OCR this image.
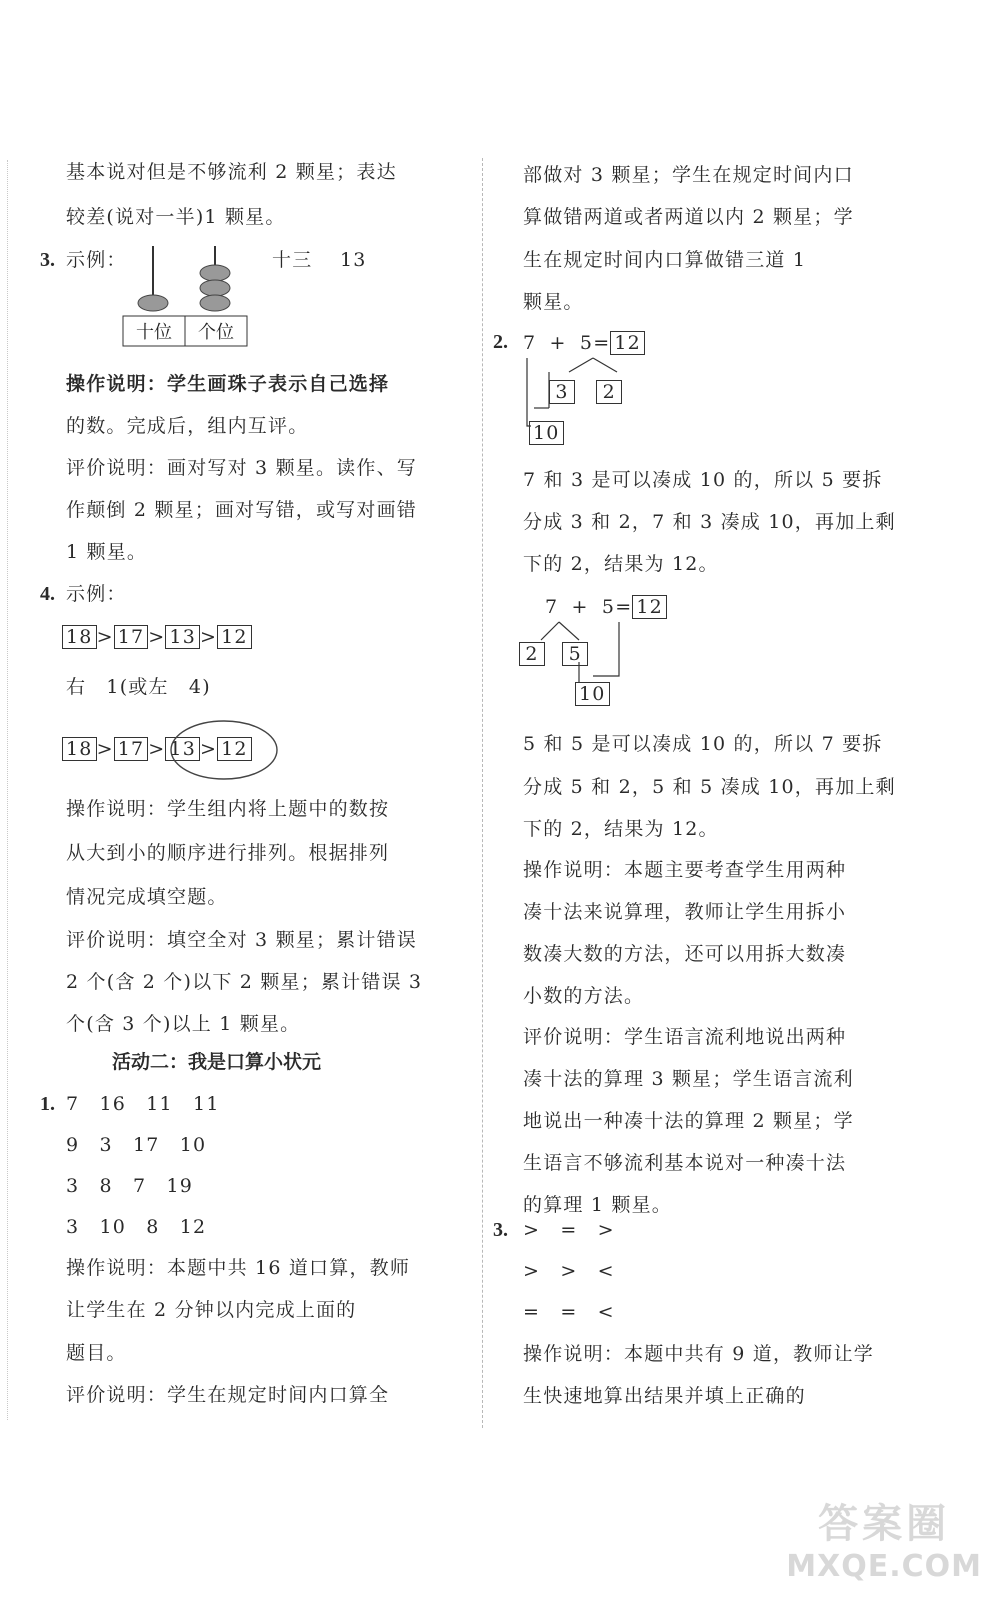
基本说对但是不够流利 2 颗星；表达
较差(说对一半)1 颗星。
3. 示例：
十位 个位
十三 13
操作说明：学生画珠子表示自己选择
的数。完成后，组内互评。
评价说明：画对写对 3 颗星。读作、写
作颠倒 2 颗星；画对写错，或写对画错
1 颗星。
4. 示例：
18 > 17 > 13 > 12
右　1(或左　4)
18 > 17 > 13 > 12
操作说明：学生组内将上题中的数按
从大到小的顺序进行排列。根据排列
情况完成填空题。
评价说明：填空全对 3 颗星；累计错误
2 个(含 2 个)以下 2 颗星；累计错误 3
个(含 3 个)以上 1 颗星。
活动二：我是口算小状元
1. 7　16　11　11
9　3　17　10
3　8　7　19
3　10　8　12
操作说明：本题中共 16 道口算，教师
让学生在 2 分钟以内完成上面的
题目。
评价说明：学生在规定时间内口算全
部做对 3 颗星；学生在规定时间内口
算做错两道或者两道以内 2 颗星；学
生在规定时间内口算做错三道 1
颗星。
2. 7 + 5= 12
3 2
10
7 和 3 是可以凑成 10 的，所以 5 要拆
分成 3 和 2，7 和 3 凑成 10，再加上剩
下的 2，结果为 12。
7 + 5= 12
2 5
10
5 和 5 是可以凑成 10 的，所以 7 要拆
分成 5 和 2，5 和 5 凑成 10，再加上剩
下的 2，结果为 12。
操作说明：本题主要考查学生用两种
凑十法来说算理，教师让学生用拆小
数凑大数的方法，还可以用拆大数凑
小数的方法。
评价说明：学生语言流利地说出两种
凑十法的算理 3 颗星；学生语言流利
地说出一种凑十法的算理 2 颗星；学
生语言不够流利基本说对一种凑十法
的算理 1 颗星。
3. >　=　>
>　>　<
=　=　<
操作说明：本题中共有 9 道，教师让学
生快速地算出结果并填上正确的
答案圈
MXQE.COM
